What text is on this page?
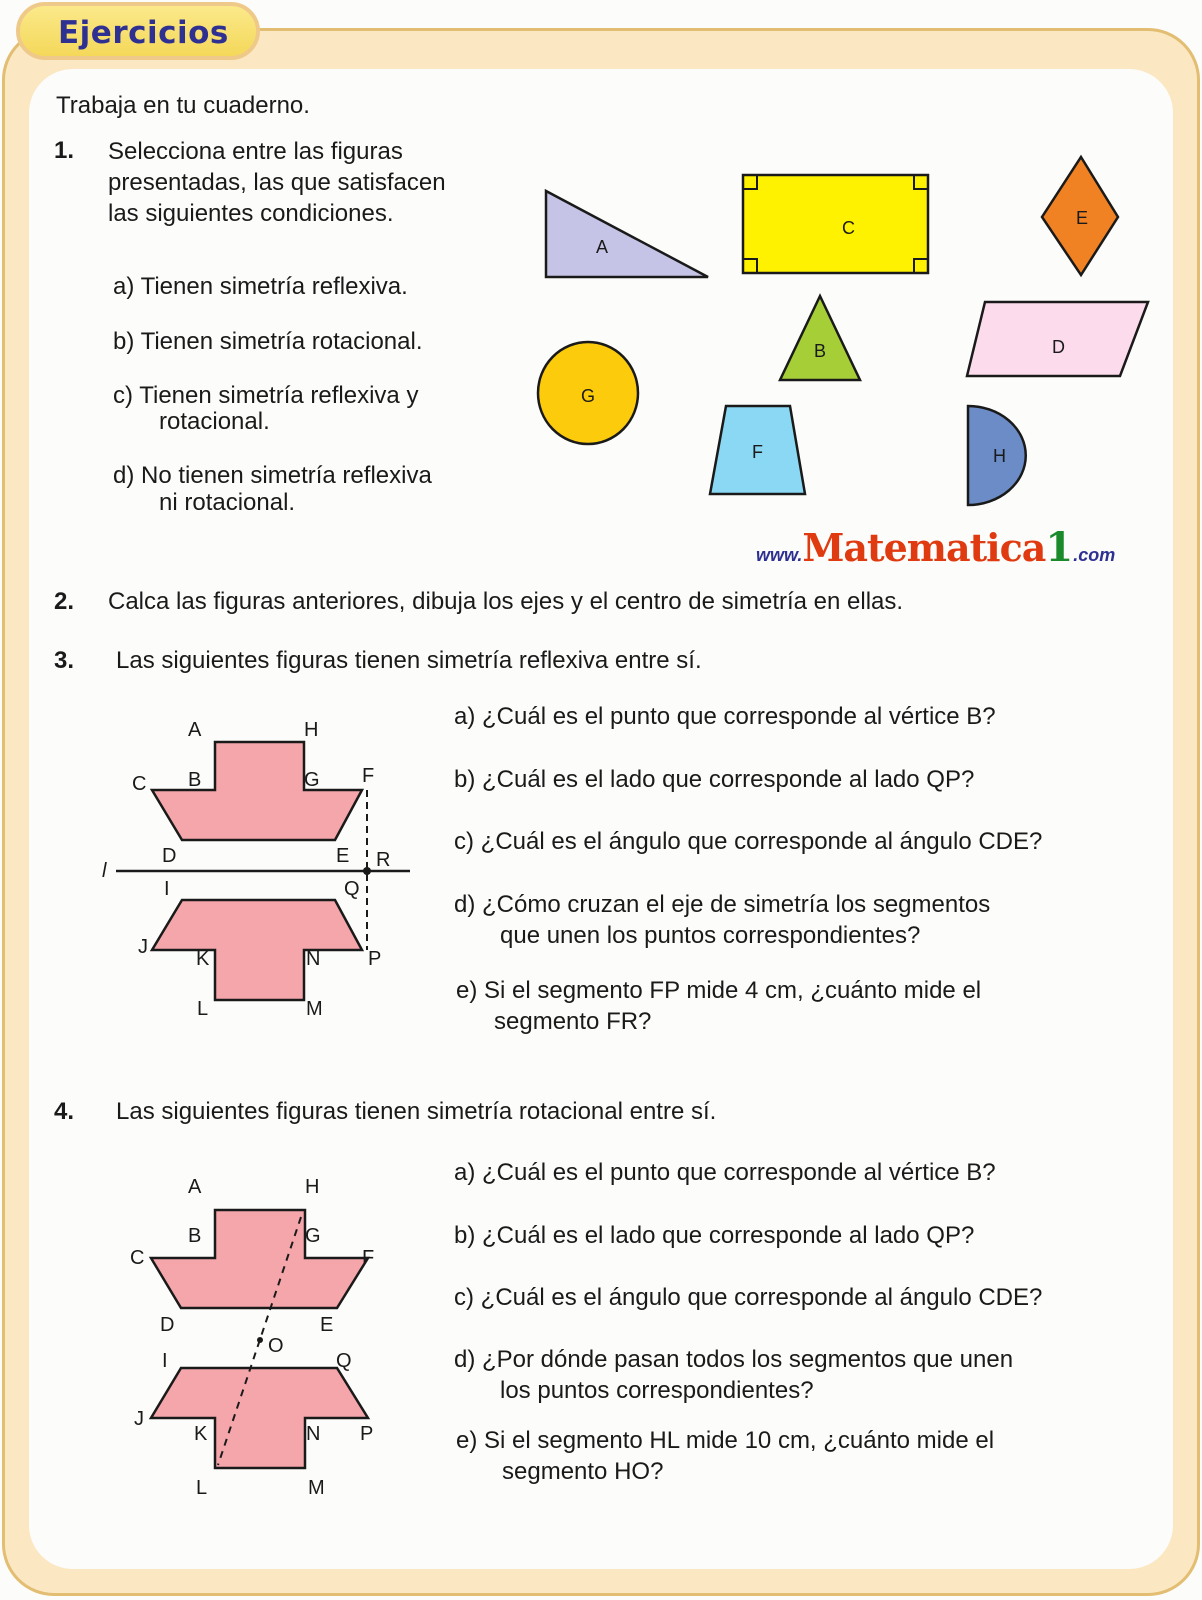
Ejercicios
Trabaja en tu cuaderno.
1. Selecciona entre las figuras
presentadas, las que satisfacen
las siguientes condiciones.
a) Tienen simetría reflexiva.
b) Tienen simetría rotacional.
c) Tienen simetría reflexiva y
rotacional.
d) No tienen simetría reflexiva
ni rotacional.
A
C	E
B	D
G
F	H
www.Matematica1.com
2. Calca las figuras anteriores, dibuja los ejes y el centro de simetría en ellas.
3. Las siguientes figuras tienen simetría reflexiva entre sí.
l
A	H
B	G
C	F
D	E R
I	Q
J
P
K	N
L	M
a) ¿Cuál es el punto que corresponde al vértice B?
b) ¿Cuál es el lado que corresponde al lado QP?
c) ¿Cuál es el ángulo que corresponde al ángulo CDE?
d) ¿Cómo cruzan el eje de simetría los segmentos
que unen los puntos correspondientes?
e) Si el segmento FP mide 4 cm, ¿cuánto mide el
segmento FR?
4. Las siguientes figuras tienen simetría rotacional entre sí.
A	H
B	G
C	F
D	E
O
I	Q
J
P
K	N
L	M
a) ¿Cuál es el punto que corresponde al vértice B?
b) ¿Cuál es el lado que corresponde al lado QP?
c) ¿Cuál es el ángulo que corresponde al ángulo CDE?
d) ¿Por dónde pasan todos los segmentos que unen
los puntos correspondientes?
e) Si el segmento HL mide 10 cm, ¿cuánto mide el
segmento HO?
